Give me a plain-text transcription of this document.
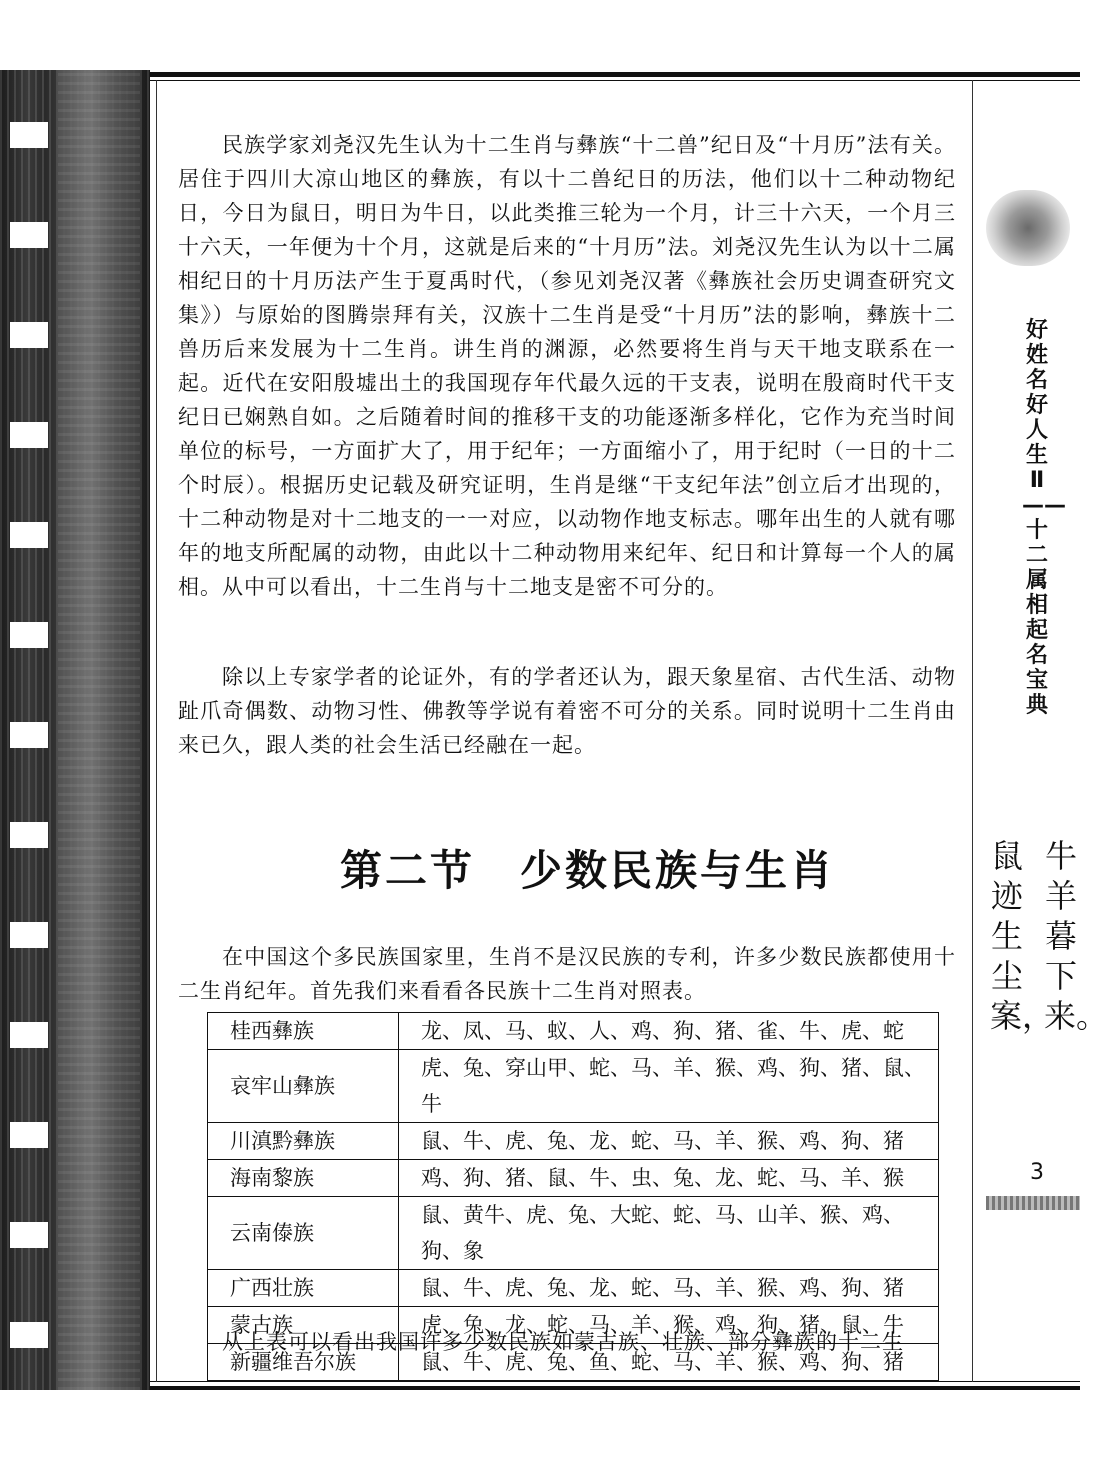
民族学家刘尧汉先生认为十二生肖与彝族“十二兽”纪日及“十月历”法有关。居住于四川大凉山地区的彝族，有以十二兽纪日的历法，他们以十二种动物纪日，今日为鼠日，明日为牛日，以此类推三轮为一个月，计三十六天，一个月三十六天，一年便为十个月，这就是后来的“十月历”法。刘尧汉先生认为以十二属相纪日的十月历法产生于夏禹时代，（参见刘尧汉著《彝族社会历史调查研究文集》）与原始的图腾崇拜有关，汉族十二生肖是受“十月历”法的影响，彝族十二兽历后来发展为十二生肖。讲生肖的渊源，必然要将生肖与天干地支联系在一起。近代在安阳殷墟出土的我国现存年代最久远的干支表，说明在殷商时代干支纪日已娴熟自如。之后随着时间的推移干支的功能逐渐多样化，它作为充当时间单位的标号，一方面扩大了，用于纪年；一方面缩小了，用于纪时（一日的十二个时辰）。根据历史记载及研究证明，生肖是继“干支纪年法”创立后才出现的，十二种动物是对十二地支的一一对应，以动物作地支标志。哪年出生的人就有哪年的地支所配属的动物，由此以十二种动物用来纪年、纪日和计算每一个人的属相。从中可以看出，十二生肖与十二地支是密不可分的。

除以上专家学者的论证外，有的学者还认为，跟天象星宿、古代生活、动物趾爪奇偶数、动物习性、佛教等学说有着密不可分的关系。同时说明十二生肖由来已久，跟人类的社会生活已经融在一起。

第二节　少数民族与生肖

在中国这个多民族国家里，生肖不是汉民族的专利，许多少数民族都使用十二生肖纪年。首先我们来看看各民族十二生肖对照表。

桂西彝族	龙、凤、马、蚁、人、鸡、狗、猪、雀、牛、虎、蛇
哀牢山彝族	虎、兔、穿山甲、蛇、马、羊、猴、鸡、狗、猪、鼠、牛
川滇黔彝族	鼠、牛、虎、兔、龙、蛇、马、羊、猴、鸡、狗、猪
海南黎族	鸡、狗、猪、鼠、牛、虫、兔、龙、蛇、马、羊、猴
云南傣族	鼠、黄牛、虎、兔、大蛇、蛇、马、山羊、猴、鸡、狗、象
广西壮族	鼠、牛、虎、兔、龙、蛇、马、羊、猴、鸡、狗、猪
蒙古族	虎、兔、龙、蛇、马、羊、猴、鸡、狗、猪、鼠、牛
新疆维吾尔族	鼠、牛、虎、兔、鱼、蛇、马、羊、猴、鸡、狗、猪

从上表可以看出我国许多少数民族如蒙古族、壮族、部分彝族的十二生

好姓名好人生Ⅱ——十二属相起名宝典
牛羊暮下来。
鼠迹生尘案，
3
